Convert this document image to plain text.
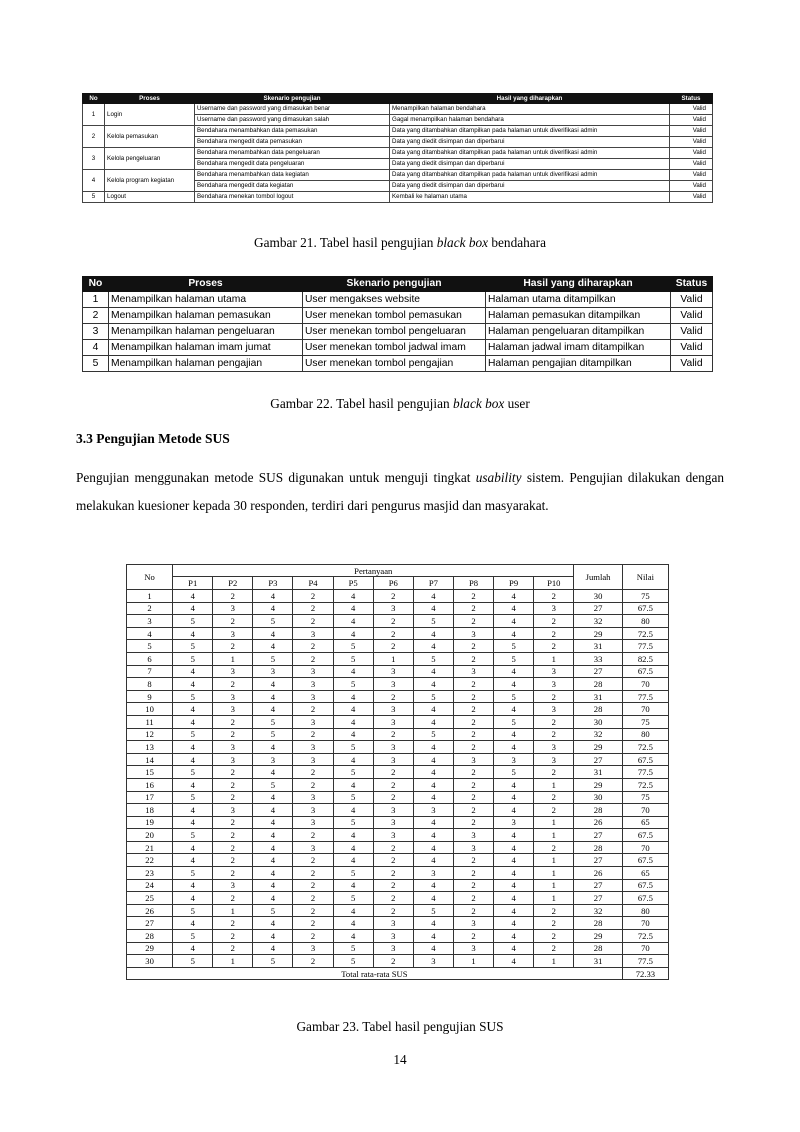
No	Proses	Skenario pengujian	Hasil yang diharapkan	Status
1	Login	Username dan password yang dimasukan benar	Menampilkan halaman bendahara	Valid
		Username dan password yang dimasukan salah	Gagal menampilkan halaman bendahara	Valid
2	Kelola pemasukan	Bendahara menambahkan data pemasukan	Data yang ditambahkan ditampilkan pada halaman untuk diverifikasi admin	Valid
		Bendahara mengedit data pemasukan	Data yang diedit disimpan dan diperbarui	Valid
3	Kelola pengeluaran	Bendahara menambahkan data pengeluaran	Data yang ditambahkan ditampilkan pada halaman untuk diverifikasi admin	Valid
		Bendahara mengedit data pengeluaran	Data yang diedit disimpan dan diperbarui	Valid
4	Kelola program kegiatan	Bendahara menambahkan data kegiatan	Data yang ditambahkan ditampilkan pada halaman untuk diverifikasi admin	Valid
		Bendahara mengedit data kegiatan	Data yang diedit disimpan dan diperbarui	Valid
5	Logout	Bendahara menekan tombol logout	Kembali ke halaman utama	Valid
Gambar 21. Tabel hasil pengujian black box bendahara
No	Proses	Skenario pengujian	Hasil yang diharapkan	Status
1	Menampilkan halaman utama	User mengakses website	Halaman utama ditampilkan	Valid
2	Menampilkan halaman pemasukan	User menekan tombol pemasukan	Halaman pemasukan ditampilkan	Valid
3	Menampilkan halaman pengeluaran	User menekan tombol pengeluaran	Halaman pengeluaran ditampilkan	Valid
4	Menampilkan halaman imam jumat	User menekan tombol jadwal imam	Halaman jadwal imam ditampilkan	Valid
5	Menampilkan halaman pengajian	User menekan tombol pengajian	Halaman pengajian ditampilkan	Valid
Gambar 22. Tabel hasil pengujian black box user
3.3 Pengujian Metode SUS
Pengujian menggunakan metode SUS digunakan untuk menguji tingkat usability sistem. Pengujian dilakukan dengan melakukan kuesioner kepada 30 responden, terdiri dari pengurus masjid dan masyarakat.
No	Pertanyaan										Jumlah	Nilai
	P1	P2	P3	P4	P5	P6	P7	P8	P9	P10		
1	4	2	4	2	4	2	4	2	4	2	30	75
2	4	3	4	2	4	3	4	2	4	3	27	67.5
3	5	2	5	2	4	2	5	2	4	2	32	80
4	4	3	4	3	4	2	4	3	4	2	29	72.5
5	5	2	4	2	5	2	4	2	5	2	31	77.5
6	5	1	5	2	5	1	5	2	5	1	33	82.5
7	4	3	3	3	4	3	4	3	4	3	27	67.5
8	4	2	4	3	5	3	4	2	4	3	28	70
9	5	3	4	3	4	2	5	2	5	2	31	77.5
10	4	3	4	2	4	3	4	2	4	3	28	70
11	4	2	5	3	4	3	4	2	5	2	30	75
12	5	2	5	2	4	2	5	2	4	2	32	80
13	4	3	4	3	5	3	4	2	4	3	29	72.5
14	4	3	3	3	4	3	4	3	3	3	27	67.5
15	5	2	4	2	5	2	4	2	5	2	31	77.5
16	4	2	5	2	4	2	4	2	4	1	29	72.5
17	5	2	4	3	5	2	4	2	4	2	30	75
18	4	3	4	3	4	3	3	2	4	2	28	70
19	4	2	4	3	5	3	4	2	3	1	26	65
20	5	2	4	2	4	3	4	3	4	1	27	67.5
21	4	2	4	3	4	2	4	3	4	2	28	70
22	4	2	4	2	4	2	4	2	4	1	27	67.5
23	5	2	4	2	5	2	3	2	4	1	26	65
24	4	3	4	2	4	2	4	2	4	1	27	67.5
25	4	2	4	2	5	2	4	2	4	1	27	67.5
26	5	1	5	2	4	2	5	2	4	2	32	80
27	4	2	4	2	4	3	4	3	4	2	28	70
28	5	2	4	2	4	3	4	2	4	2	29	72.5
29	4	2	4	3	5	3	4	3	4	2	28	70
30	5	1	5	2	5	2	3	1	4	1	31	77.5
Total rata-rata SUS												72.33
Gambar 23. Tabel hasil pengujian SUS
14
